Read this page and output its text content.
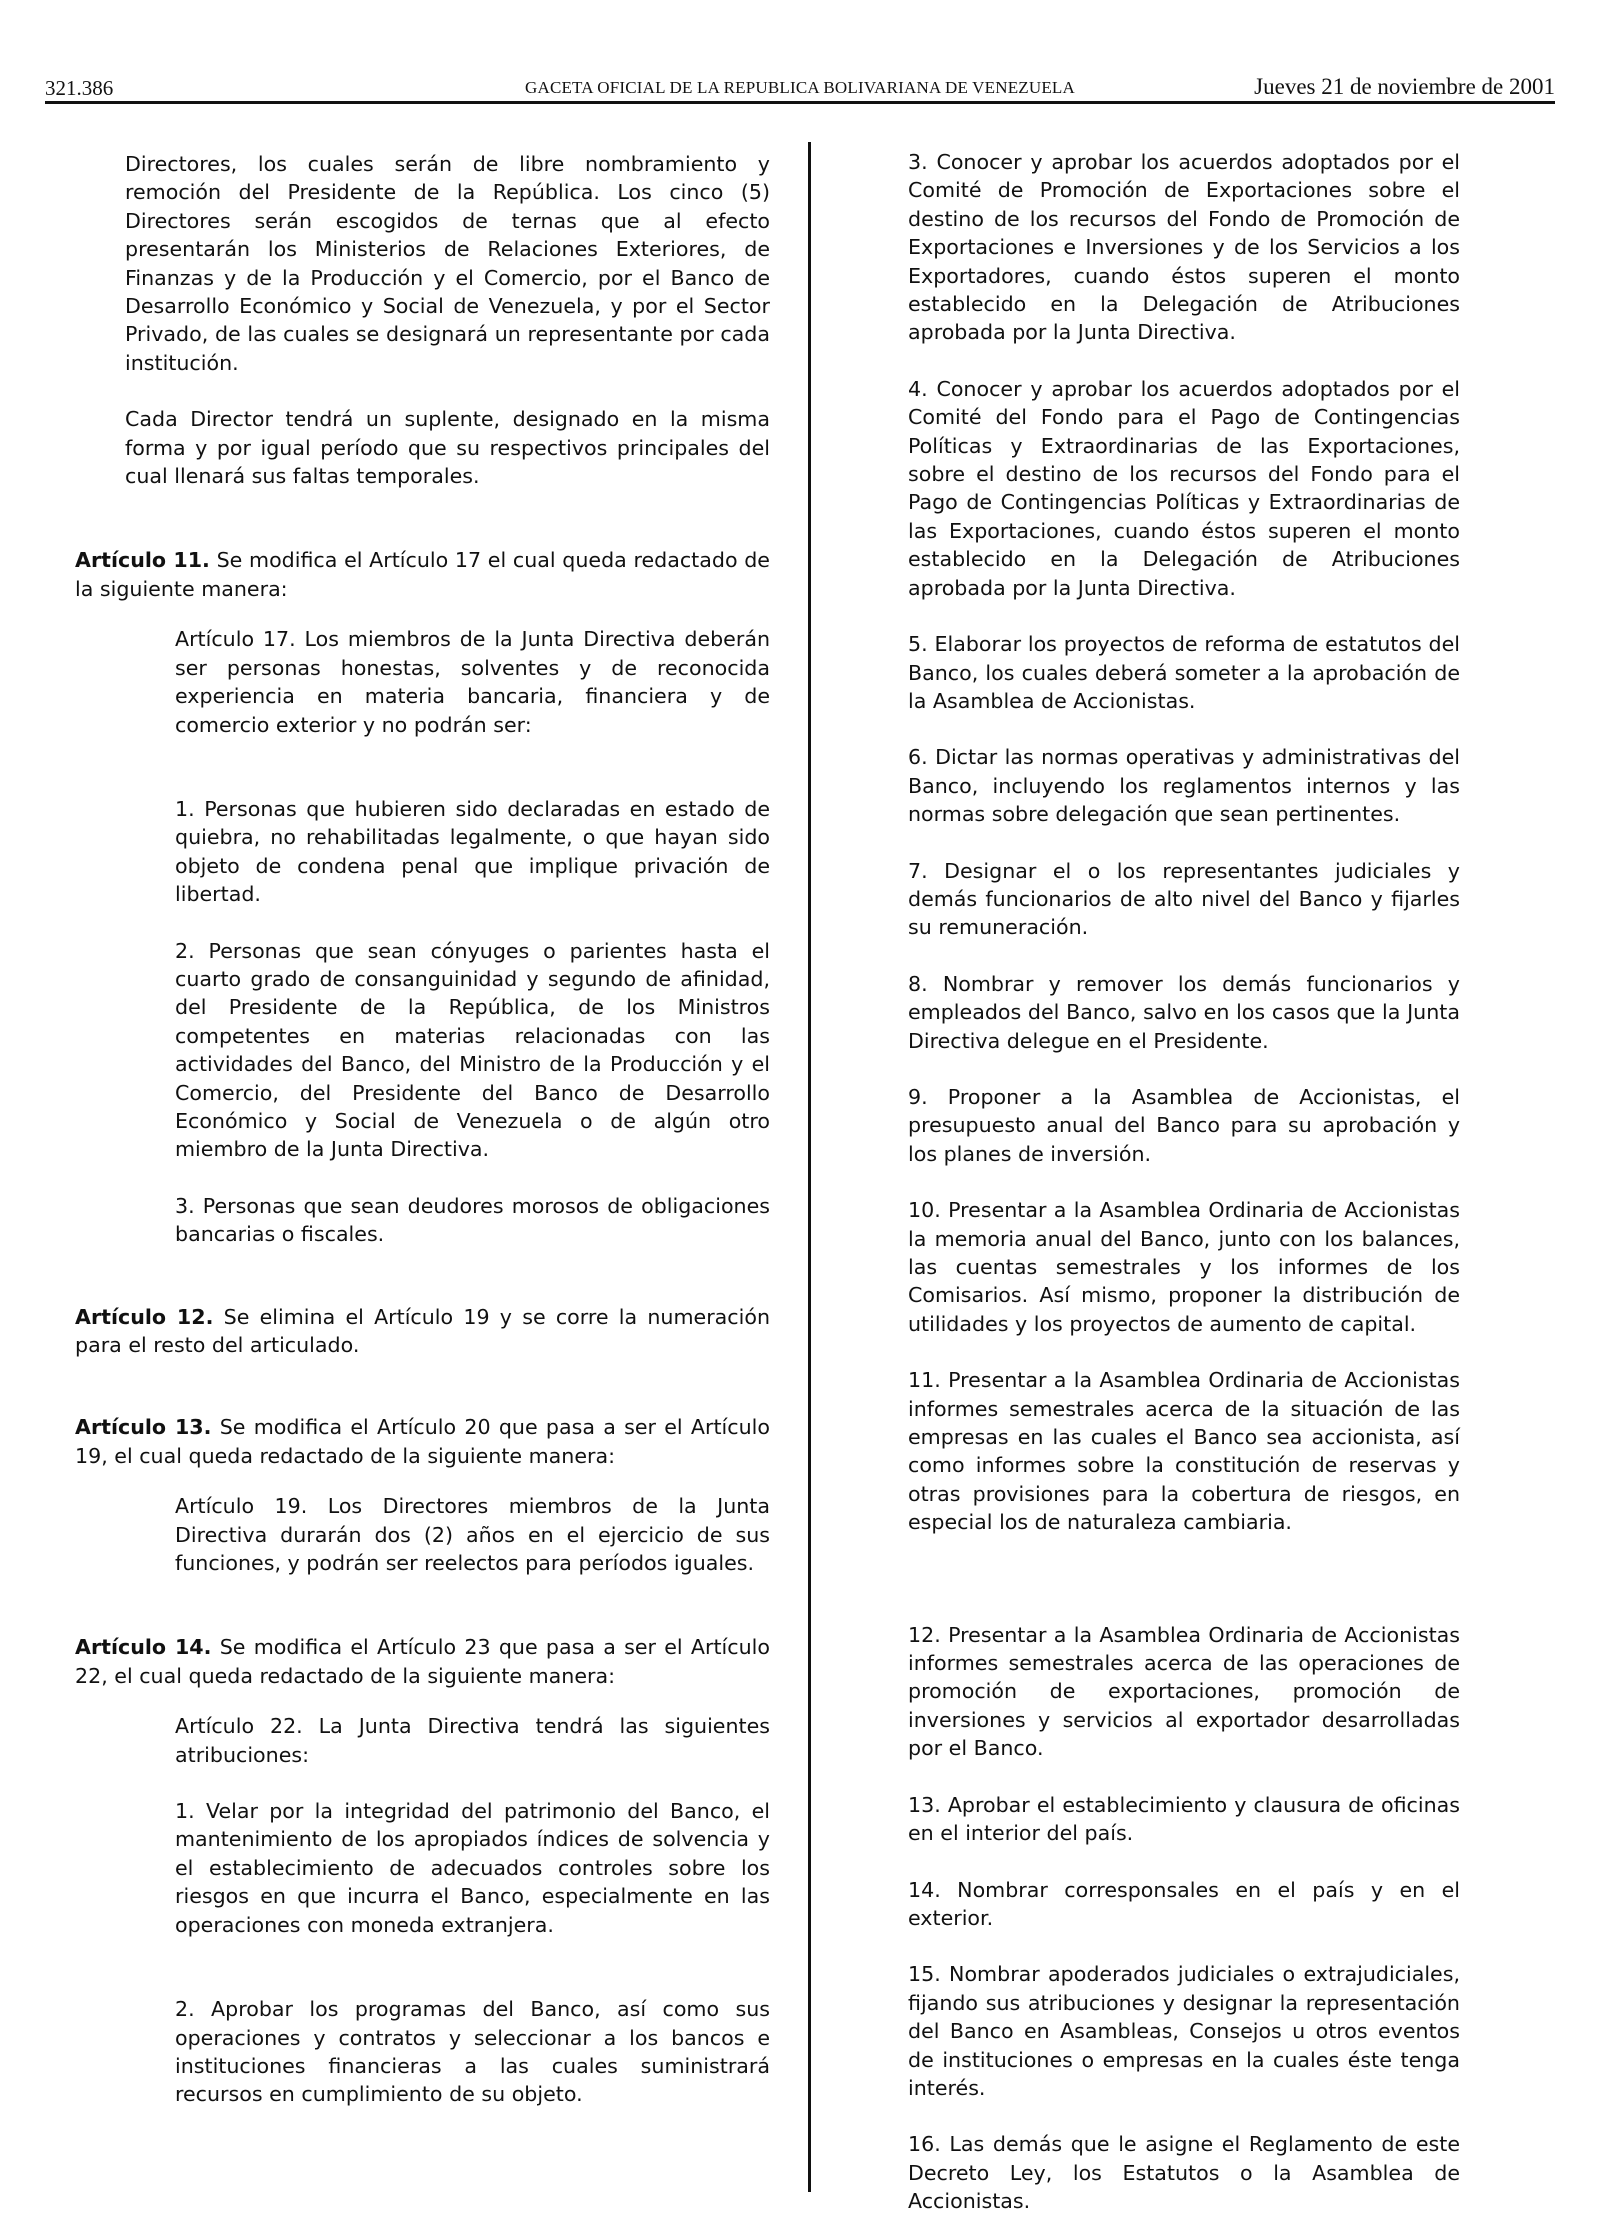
321.386	GACETA OFICIAL DE LA REPUBLICA BOLIVARIANA DE VENEZUELA	Jueves 21 de noviembre de 2001

Directores, los cuales serán de libre nombramiento y remoción del Presidente de la República. Los cinco (5) Directores serán escogidos de ternas que al efecto presentarán los Ministerios de Relaciones Exteriores, de Finanzas y de la Producción y el Comercio, por el Banco de Desarrollo Económico y Social de Venezuela, y por el Sector Privado, de las cuales se designará un representante por cada institución.

Cada Director tendrá un suplente, designado en la misma forma y por igual período que su respectivos principales del cual llenará sus faltas temporales.

Artículo 11. Se modifica el Artículo 17 el cual queda redactado de la siguiente manera:

Artículo 17. Los miembros de la Junta Directiva deberán ser personas honestas, solventes y de reconocida experiencia en materia bancaria, financiera y de comercio exterior y no podrán ser:

1. Personas que hubieren sido declaradas en estado de quiebra, no rehabilitadas legalmente, o que hayan sido objeto de condena penal que implique privación de libertad.

2. Personas que sean cónyuges o parientes hasta el cuarto grado de consanguinidad y segundo de afinidad, del Presidente de la República, de los Ministros competentes en materias relacionadas con las actividades del Banco, del Ministro de la Producción y el Comercio, del Presidente del Banco de Desarrollo Económico y Social de Venezuela o de algún otro miembro de la Junta Directiva.

3. Personas que sean deudores morosos de obligaciones bancarias o fiscales.

Artículo 12. Se elimina el Artículo 19 y se corre la numeración para el resto del articulado.

Artículo 13. Se modifica el Artículo 20 que pasa a ser el Artículo 19, el cual queda redactado de la siguiente manera:

Artículo 19. Los Directores miembros de la Junta Directiva durarán dos (2) años en el ejercicio de sus funciones, y podrán ser reelectos para períodos iguales.

Artículo 14. Se modifica el Artículo 23 que pasa a ser el Artículo 22, el cual queda redactado de la siguiente manera:

Artículo 22. La Junta Directiva tendrá las siguientes atribuciones:

1. Velar por la integridad del patrimonio del Banco, el mantenimiento de los apropiados índices de solvencia y el establecimiento de adecuados controles sobre los riesgos en que incurra el Banco, especialmente en las operaciones con moneda extranjera.

2. Aprobar los programas del Banco, así como sus operaciones y contratos y seleccionar a los bancos e instituciones financieras a las cuales suministrará recursos en cumplimiento de su objeto.

3. Conocer y aprobar los acuerdos adoptados por el Comité de Promoción de Exportaciones sobre el destino de los recursos del Fondo de Promoción de Exportaciones e Inversiones y de los Servicios a los Exportadores, cuando éstos superen el monto establecido en la Delegación de Atribuciones aprobada por la Junta Directiva.

4. Conocer y aprobar los acuerdos adoptados por el Comité del Fondo para el Pago de Contingencias Políticas y Extraordinarias de las Exportaciones, sobre el destino de los recursos del Fondo para el Pago de Contingencias Políticas y Extraordinarias de las Exportaciones, cuando éstos superen el monto establecido en la Delegación de Atribuciones aprobada por la Junta Directiva.

5. Elaborar los proyectos de reforma de estatutos del Banco, los cuales deberá someter a la aprobación de la Asamblea de Accionistas.

6. Dictar las normas operativas y administrativas del Banco, incluyendo los reglamentos internos y las normas sobre delegación que sean pertinentes.

7. Designar el o los representantes judiciales y demás funcionarios de alto nivel del Banco y fijarles su remuneración.

8. Nombrar y remover los demás funcionarios y empleados del Banco, salvo en los casos que la Junta Directiva delegue en el Presidente.

9. Proponer a la Asamblea de Accionistas, el presupuesto anual del Banco para su aprobación y los planes de inversión.

10. Presentar a la Asamblea Ordinaria de Accionistas la memoria anual del Banco, junto con los balances, las cuentas semestrales y los informes de los Comisarios. Así mismo, proponer la distribución de utilidades y los proyectos de aumento de capital.

11. Presentar a la Asamblea Ordinaria de Accionistas informes semestrales acerca de la situación de las empresas en las cuales el Banco sea accionista, así como informes sobre la constitución de reservas y otras provisiones para la cobertura de riesgos, en especial los de naturaleza cambiaria.

12. Presentar a la Asamblea Ordinaria de Accionistas informes semestrales acerca de las operaciones de promoción de exportaciones, promoción de inversiones y servicios al exportador desarrolladas por el Banco.

13. Aprobar el establecimiento y clausura de oficinas en el interior del país.

14. Nombrar corresponsales en el país y en el exterior.

15. Nombrar apoderados judiciales o extrajudiciales, fijando sus atribuciones y designar la representación del Banco en Asambleas, Consejos u otros eventos de instituciones o empresas en la cuales éste tenga interés.

16. Las demás que le asigne el Reglamento de este Decreto Ley, los Estatutos o la Asamblea de Accionistas.
